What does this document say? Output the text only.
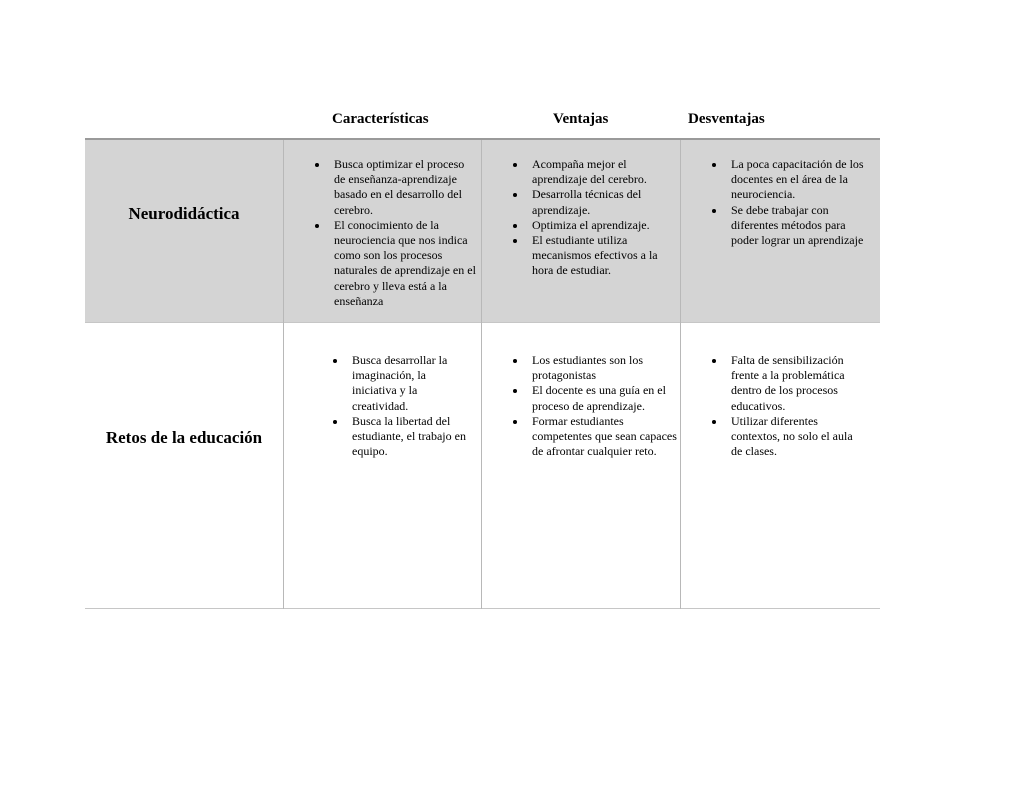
Características	Ventajas	Desventajas
Neurodidáctica
Busca optimizar el proceso de enseñanza-aprendizaje basado en el desarrollo del cerebro.
El conocimiento de la neurociencia que nos indica como son los procesos naturales de aprendizaje en el cerebro y lleva está a la enseñanza
Acompaña mejor el aprendizaje del cerebro.
Desarrolla técnicas del aprendizaje.
Optimiza el aprendizaje.
El estudiante utiliza mecanismos efectivos a la hora de estudiar.
La poca capacitación de los docentes en el área de la neurociencia.
Se debe trabajar con diferentes métodos para poder lograr un aprendizaje
Retos de la educación
Busca desarrollar la imaginación, la iniciativa y la creatividad.
Busca la libertad del estudiante, el trabajo en equipo.
Los estudiantes son los protagonistas
El docente es una guía en el proceso de aprendizaje.
Formar estudiantes competentes que sean capaces de afrontar cualquier reto.
Falta de sensibilización frente a la problemática dentro de los procesos educativos.
Utilizar diferentes contextos, no solo el aula de clases.
